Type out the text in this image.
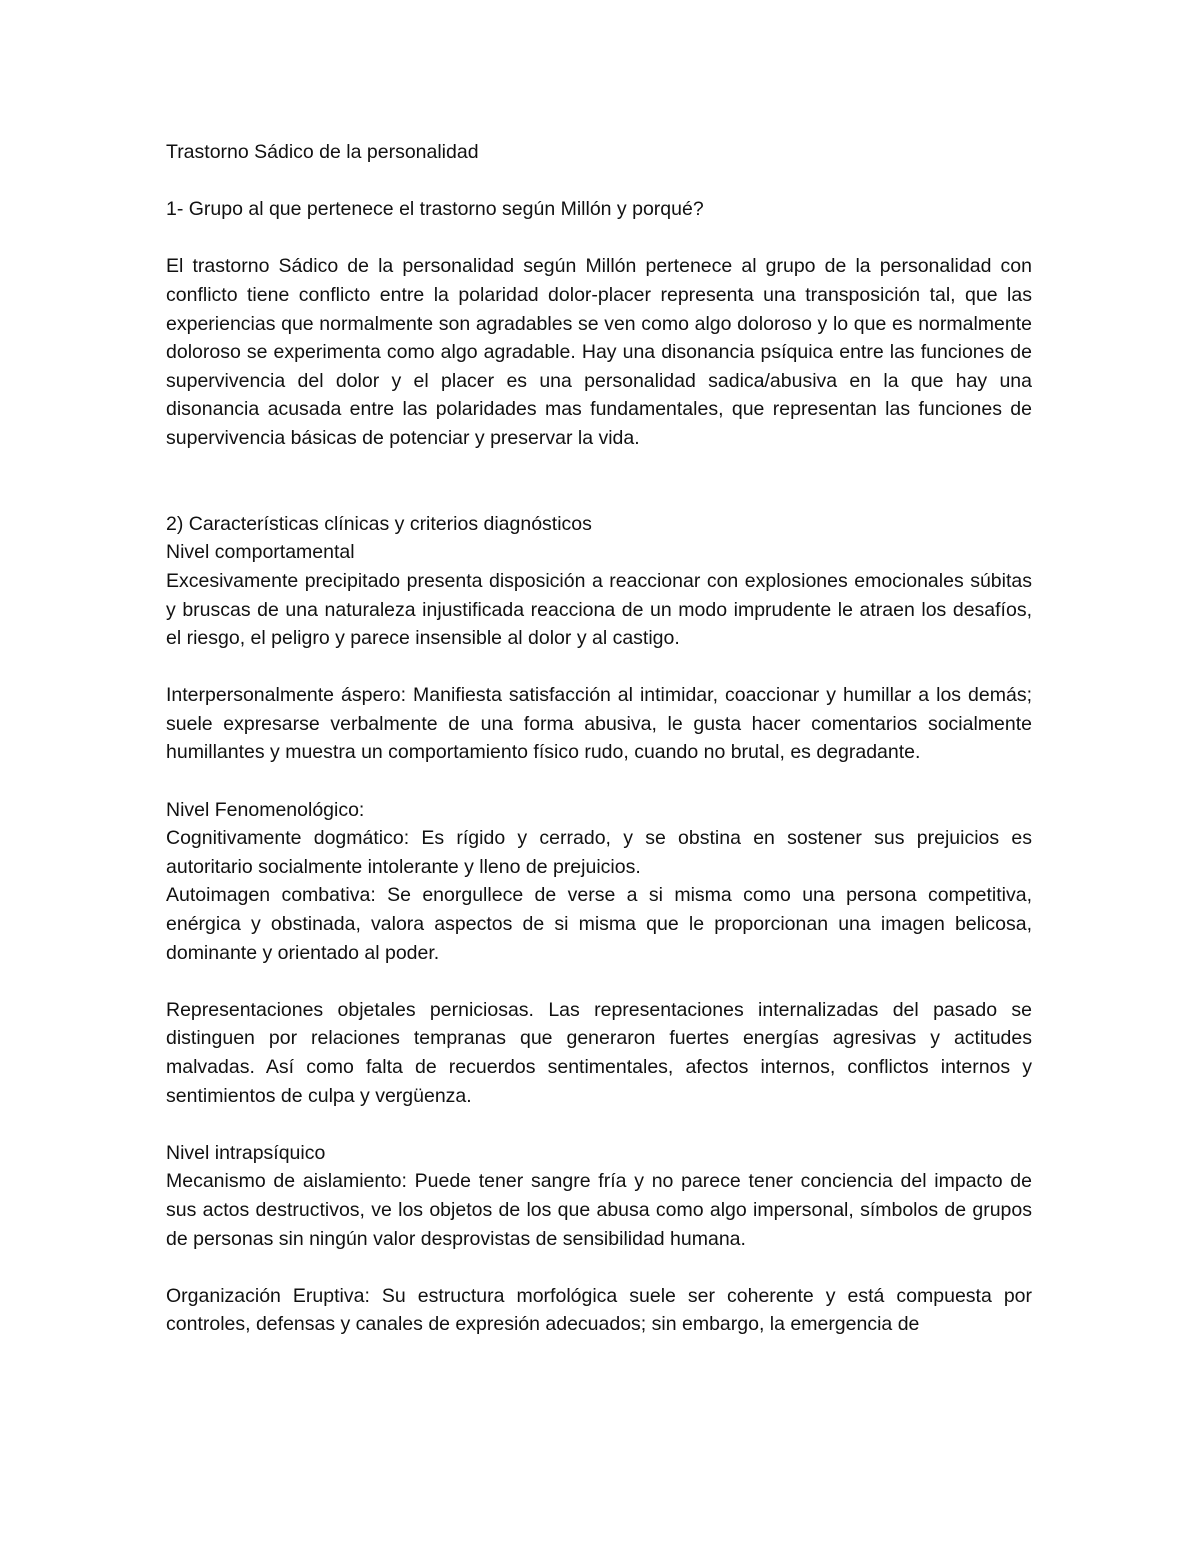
Trastorno Sádico de la personalidad

1- Grupo al que pertenece el trastorno según Millón y porqué?

El trastorno Sádico de la personalidad según Millón pertenece al grupo de la personalidad con conflicto tiene conflicto entre la polaridad dolor-placer representa una transposición tal, que las experiencias que normalmente son agradables se ven como algo doloroso y lo que es normalmente doloroso se experimenta como algo agradable. Hay una disonancia psíquica entre las funciones de supervivencia del dolor y el placer es una personalidad sadica/abusiva en la que hay una disonancia acusada entre las polaridades mas fundamentales, que representan las funciones de supervivencia básicas de potenciar y preservar la vida.

2) Características clínicas y criterios diagnósticos

Nivel comportamental

Excesivamente precipitado presenta disposición a reaccionar con explosiones emocionales súbitas y bruscas de una naturaleza injustificada reacciona de un modo imprudente le atraen los desafíos, el riesgo, el peligro y parece insensible al dolor y al castigo.

Interpersonalmente áspero: Manifiesta satisfacción al intimidar, coaccionar y humillar a los demás; suele expresarse verbalmente de una forma abusiva, le gusta hacer comentarios socialmente humillantes y muestra un comportamiento físico rudo, cuando no brutal, es degradante.

Nivel Fenomenológico:

Cognitivamente dogmático: Es rígido y cerrado, y se obstina en sostener sus prejuicios es autoritario socialmente intolerante y lleno de prejuicios.

Autoimagen combativa: Se enorgullece de verse a si misma como una persona competitiva, enérgica y obstinada, valora aspectos de si misma que le proporcionan una imagen belicosa, dominante y orientado al poder.

Representaciones objetales perniciosas. Las representaciones internalizadas del pasado se distinguen por relaciones tempranas que generaron fuertes energías agresivas y actitudes malvadas. Así como falta de recuerdos sentimentales, afectos internos, conflictos internos y sentimientos de culpa y vergüenza.

Nivel intrapsíquico

Mecanismo de aislamiento: Puede tener sangre fría y no parece tener conciencia del impacto de sus actos destructivos, ve los objetos de los que abusa como algo impersonal, símbolos de grupos de personas sin ningún valor desprovistas de sensibilidad humana.

Organización Eruptiva: Su estructura morfológica suele ser coherente y está compuesta por controles, defensas y canales de expresión adecuados; sin embargo, la emergencia de
